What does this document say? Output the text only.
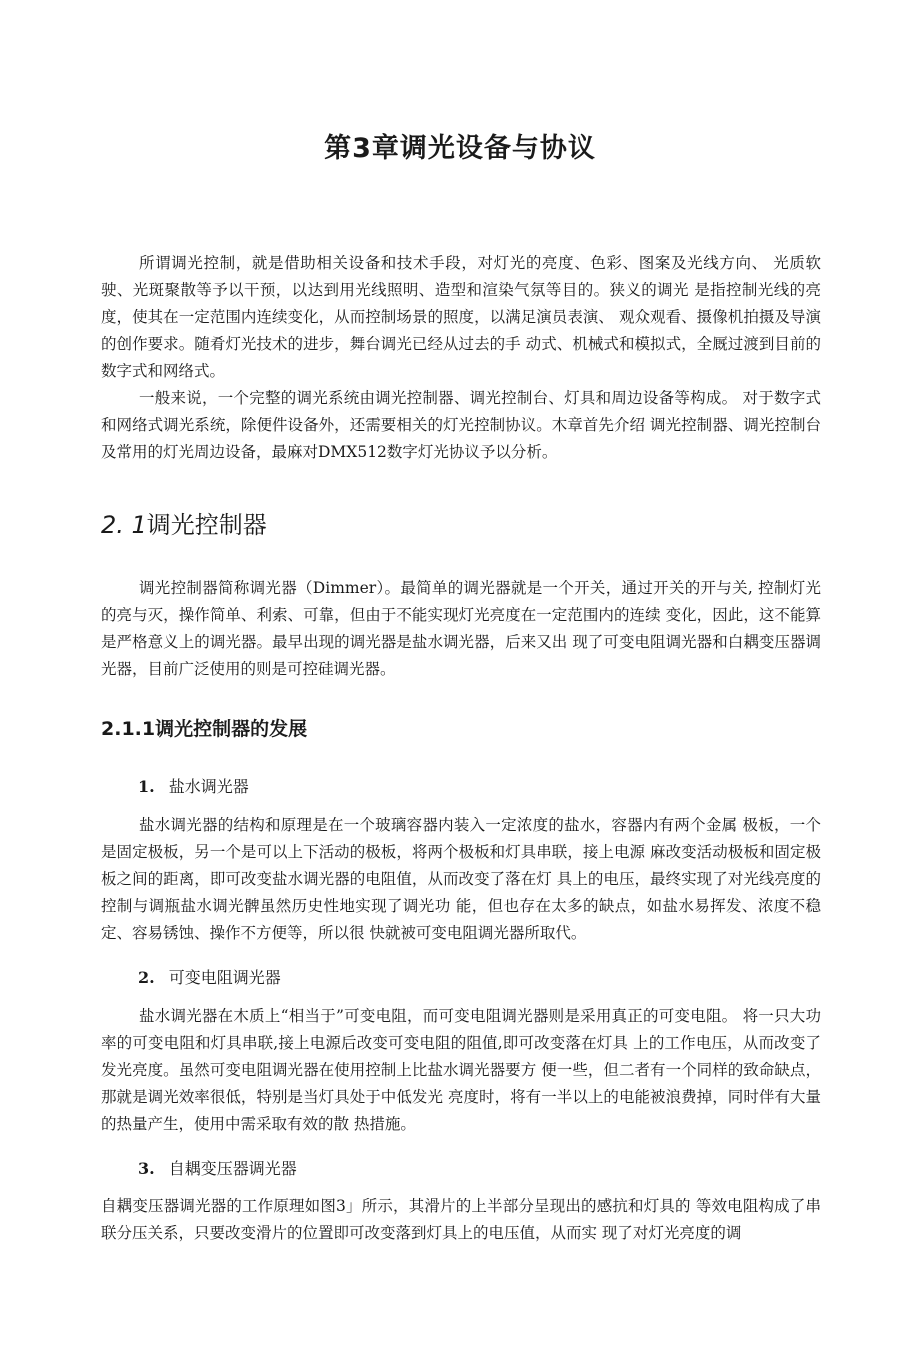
第3章调光设备与协议

所谓调光控制，就是借助相关设备和技术手段，对灯光的亮度、色彩、图案及光线方向、 光质软驶、光斑聚散等予以干预，以达到用光线照明、造型和渲染气氛等目的。狭义的调光 是指控制光线的亮度，使其在一定范围内连续变化，从而控制场景的照度，以满足演员表演、 观众观看、摄像机拍摄及导演的创作要求。随肴灯光技术的进步，舞台调光已经从过去的手 动式、机械式和模拟式，全厩过渡到目前的数字式和网络式。

一般来说，一个完整的调光系统由调光控制器、调光控制台、灯具和周边设备等构成。 对于数字式和网络式调光系统，除便件设备外，还需要相关的灯光控制协议。木章首先介绍 调光控制器、调光控制台及常用的灯光周边设备，最麻对DMX512数字灯光协议予以分析。

2. 1调光控制器

调光控制器简称调光器（Dimmer）。最简单的调光器就是一个开关，通过开关的开与关, 控制灯光的亮与灭，操作简单、利索、可靠，但由于不能实现灯光亮度在一定范围内的连续 变化，因此，这不能算是严格意义上的调光器。最早出现的调光器是盐水调光器，后来又出 现了可变电阻调光器和白耦变压器调光器，目前广泛使用的则是可控硅调光器。

2.1.1调光控制器的发展
1. 盐水调光器

盐水调光器的结构和原理是在一个玻璃容器内装入一定浓度的盐水，容器内有两个金属 极板，一个是固定极板，另一个是可以上下活动的极板，将两个极板和灯具串联，接上电源 麻改变活动极板和固定极板之间的距离，即可改变盐水调光器的电阻值，从而改变了落在灯 具上的电压，最终实现了对光线亮度的控制与调瓶盐水调光髀虽然历史性地实现了调光功 能，但也存在太多的缺点，如盐水易挥发、浓度不稳定、容易锈蚀、操作不方便等，所以很 快就被可变电阻调光器所取代。

2. 可变电阻调光器

盐水调光器在木质上“相当于”可变电阻，而可变电阻调光器则是采用真正的可变电阻。 将一只大功率的可变电阻和灯具串联,接上电源后改变可变电阻的阻值,即可改变落在灯具 上的工作电压，从而改变了发光亮度。虽然可变电阻调光器在使用控制上比盐水调光器要方 便一些，但二者有一个同样的致命缺点，那就是调光效率很低，特别是当灯具处于中低发光 亮度时，将有一半以上的电能被浪费掉，同时伴有大量的热量产生，使用中需采取有效的散 热措施。

3. 自耦变压器调光器

自耦变压器调光器的工作原理如图3」所示，其滑片的上半部分呈现出的感抗和灯具的 等效电阻构成了串联分压关系，只要改变滑片的位置即可改变落到灯具上的电压值，从而实 现了对灯光亮度的调
